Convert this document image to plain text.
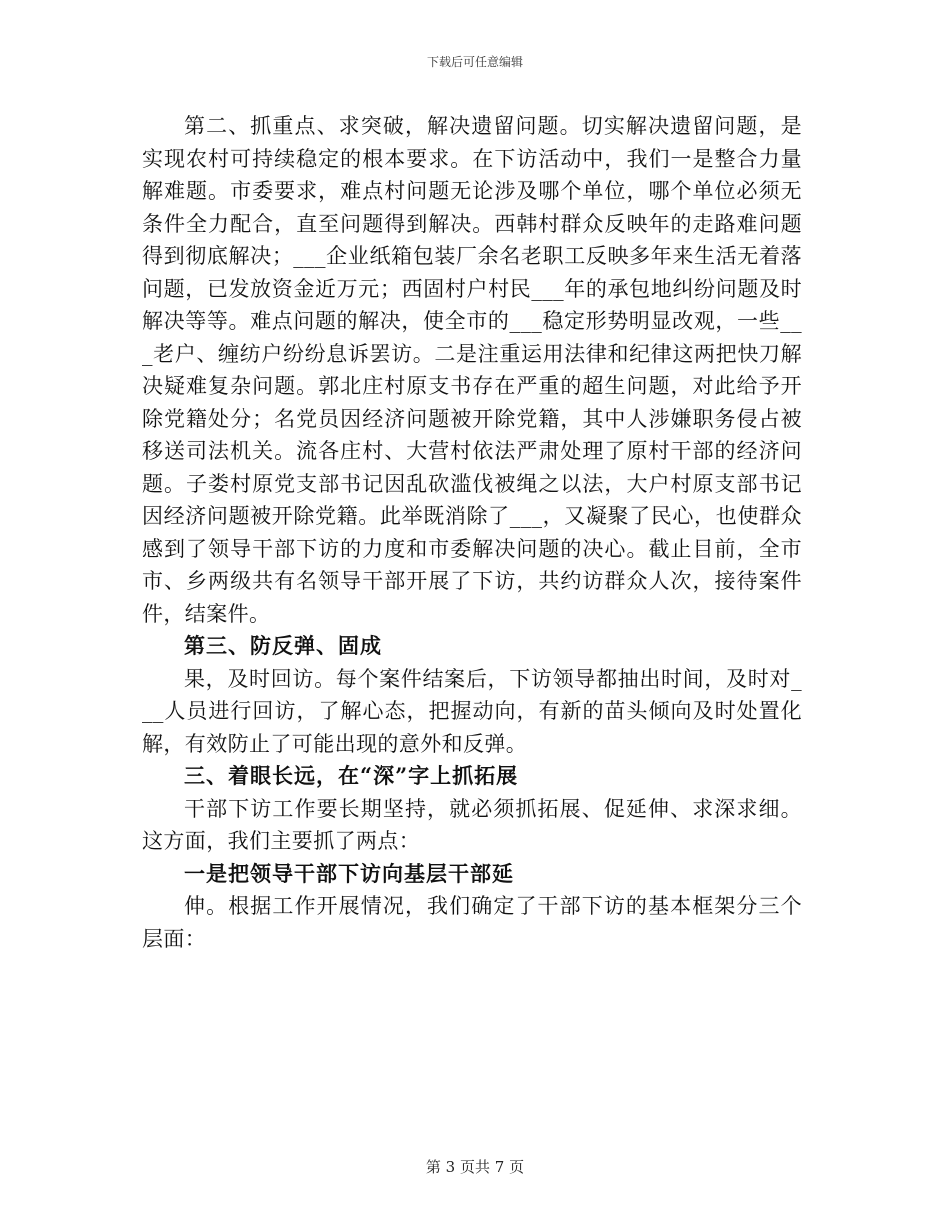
下载后可任意编辑

第二、抓重点、求突破，解决遗留问题。切实解决遗留问题，是实现农村可持续稳定的根本要求。在下访活动中，我们一是整合力量解难题。市委要求，难点村问题无论涉及哪个单位，哪个单位必须无条件全力配合，直至问题得到解决。西韩村群众反映年的走路难问题得到彻底解决；___企业纸箱包装厂余名老职工反映多年来生活无着落问题，已发放资金近万元；西固村户村民___年的承包地纠纷问题及时解决等等。难点问题的解决，使全市的___稳定形势明显改观，一些___老户、缠纺户纷纷息诉罢访。二是注重运用法律和纪律这两把快刀解决疑难复杂问题。郭北庄村原支书存在严重的超生问题，对此给予开除党籍处分；名党员因经济问题被开除党籍，其中人涉嫌职务侵占被移送司法机关。流各庄村、大营村依法严肃处理了原村干部的经济问题。子娄村原党支部书记因乱砍滥伐被绳之以法，大户村原支部书记因经济问题被开除党籍。此举既消除了___，又凝聚了民心，也使群众感到了领导干部下访的力度和市委解决问题的决心。截止目前，全市市、乡两级共有名领导干部开展了下访，共约访群众人次，接待案件件，结案件。

第三、防反弹、固成

果，及时回访。每个案件结案后，下访领导都抽出时间，及时对___人员进行回访，了解心态，把握动向，有新的苗头倾向及时处置化解，有效防止了可能出现的意外和反弹。

三、着眼长远，在“深”字上抓拓展

干部下访工作要长期坚持，就必须抓拓展、促延伸、求深求细。这方面，我们主要抓了两点：

一是把领导干部下访向基层干部延

伸。根据工作开展情况，我们确定了干部下访的基本框架分三个层面：

第 3 页共 7 页
